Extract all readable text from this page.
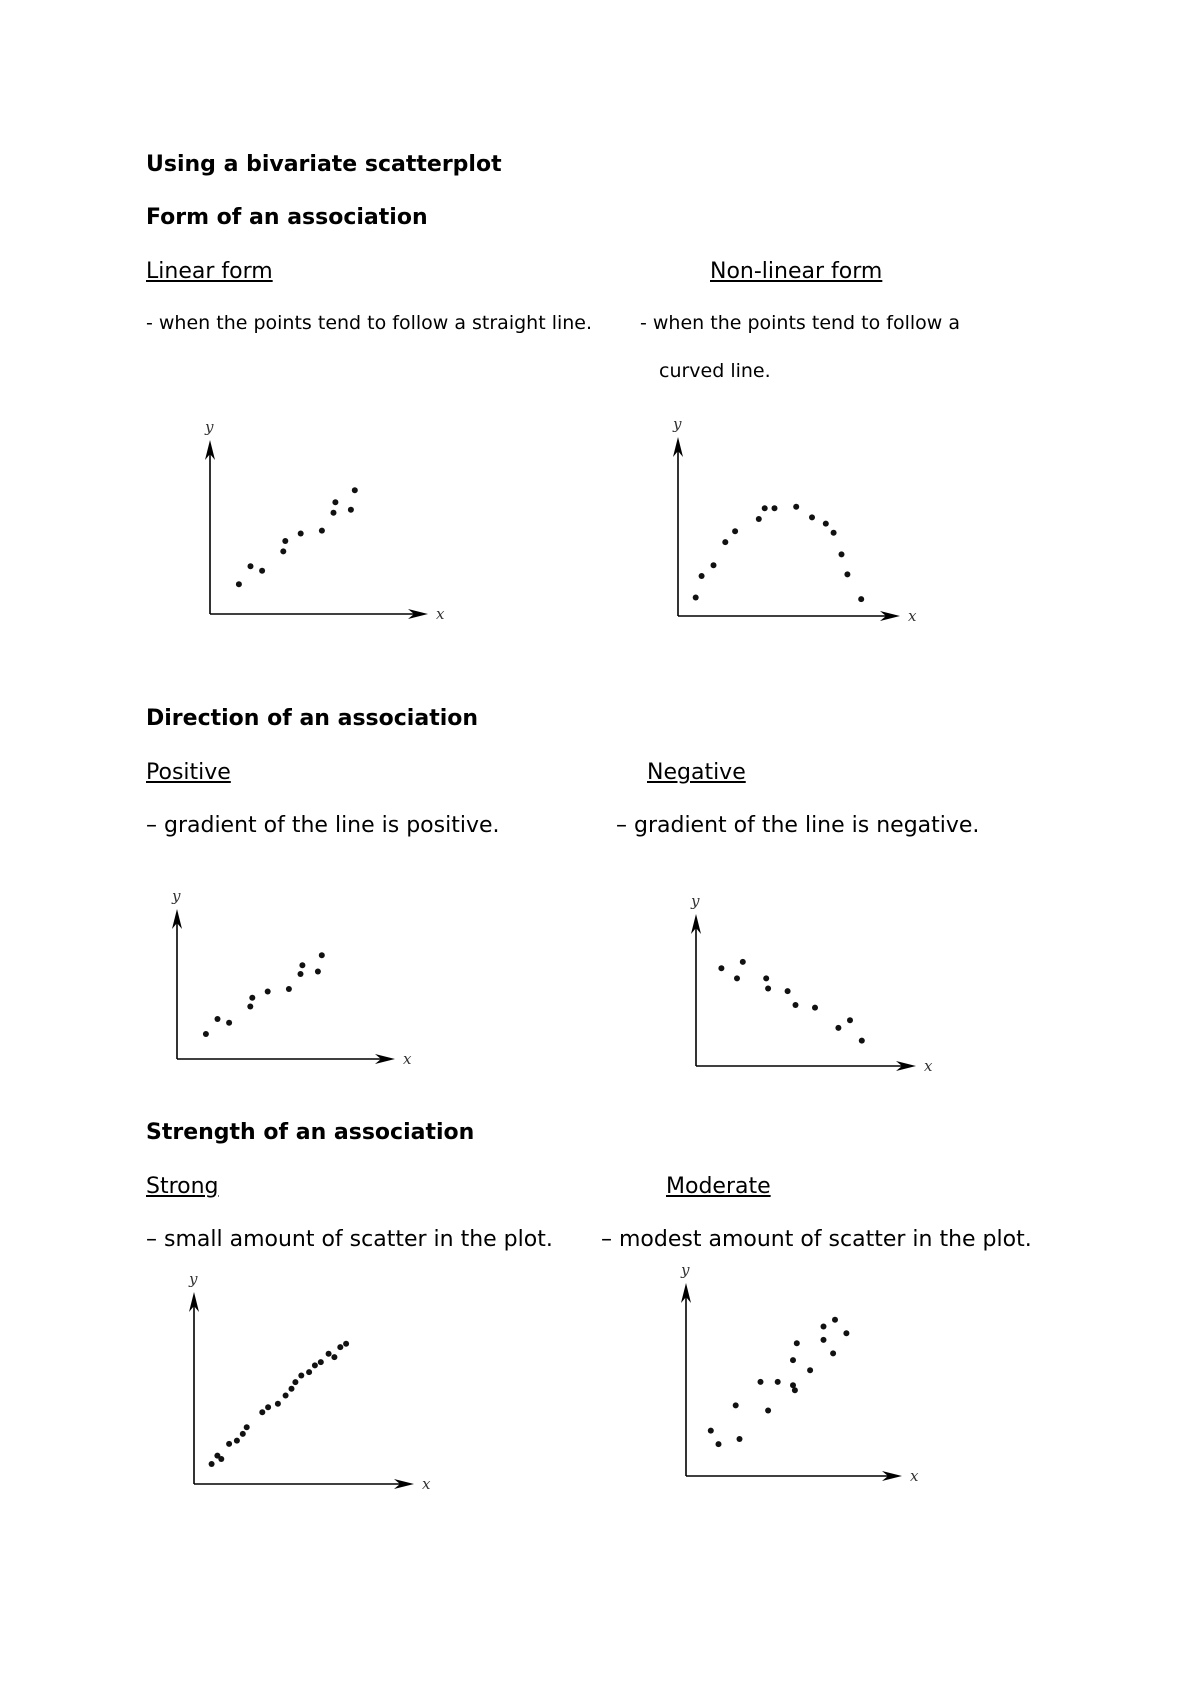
Using a bivariate scatterplot
Form of an association
Linear form	Non-linear form
- when the points tend to follow a straight line.	- when the points tend to follow a
curved line.
Direction of an association
Positive	Negative
– gradient of the line is positive.	– gradient of the line is negative.
Strength of an association
Strong	Moderate
– small amount of scatter in the plot. – modest amount of scatter in the plot.
x
y
x
y
x
y
x
y
x
y
x
y
